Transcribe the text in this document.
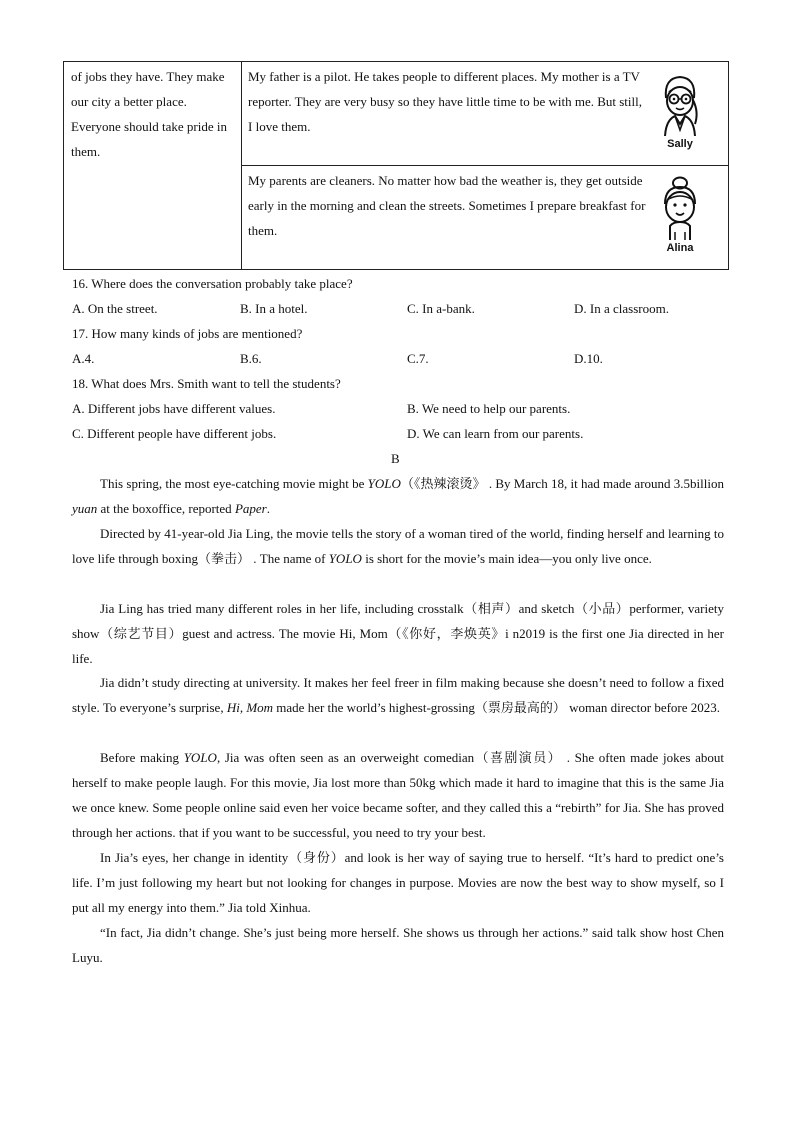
of jobs they have. They make our city a better place. Everyone should take pride in them.
My father is a pilot. He takes people to different places. My mother is a TV reporter. They are very busy so they have little time to be with me. But still, I love them.
Sally
My parents are cleaners. No matter how bad the weather is, they get outside early in the morning and clean the streets. Sometimes I prepare breakfast for them.
Alina
16. Where does the conversation probably take place?
A. On the street.	B. In a hotel.	C. In a-bank.	D. In a classroom.
17. How many kinds of jobs are mentioned?
A.4.	B.6.	C.7.	D.10.
18. What does Mrs. Smith want to tell the students?
A. Different jobs have different values.	B. We need to help our parents.
C. Different people have different jobs.	D. We can learn from our parents.
B

This spring, the most eye-catching movie might be YOLO（《热辣滚烫》 . By March 18, it had made around 3.5billion yuan at the boxoffice, reported Paper.

Directed by 41-year-old Jia Ling, the movie tells the story of a woman tired of the world, finding herself and learning to love life through boxing（拳击） . The name of YOLO is short for the movie’s main idea—you only live once.

Jia Ling has tried many different roles in her life, including crosstalk（相声）and sketch（小品）performer, variety show（综艺节目）guest and actress. The movie Hi, Mom（《你好，李焕英》i n2019 is the first one Jia directed in her life.

Jia didn’t study directing at university. It makes her feel freer in film making because she doesn’t need to follow a fixed style. To everyone’s surprise, Hi, Mom made her the world’s highest-grossing（票房最高的） woman director before 2023.

Before making YOLO, Jia was often seen as an overweight comedian（喜剧演员） . She often made jokes about herself to make people laugh. For this movie, Jia lost more than 50kg which made it hard to imagine that this is the same Jia we once knew. Some people online said even her voice became softer, and they called this a “rebirth” for Jia. She has proved through her actions. that if you want to be successful, you need to try your best.

In Jia’s eyes, her change in identity（身份）and look is her way of saying true to herself. “It’s hard to predict one’s life. I’m just following my heart but not looking for changes in purpose. Movies are now the best way to show myself, so I put all my energy into them.” Jia told Xinhua.

“In fact, Jia didn’t change. She’s just being more herself. She shows us through her actions.” said talk show host Chen Luyu.
